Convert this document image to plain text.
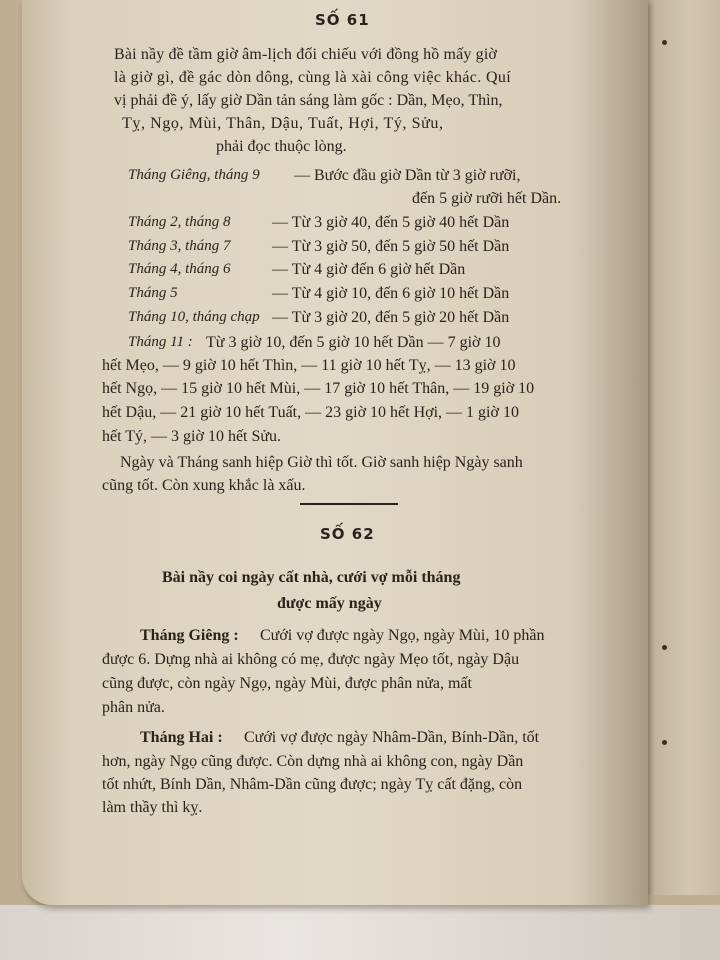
SỐ 61
Bài nầy đề tầm giờ âm-lịch đối chiếu với đồng hồ mấy giờ
là giờ gì, đề gác dòn dông, cùng là xài công việc khác. Quí
vị phải đề ý, lấy giờ Dần tản sáng làm gốc : Dần, Mẹo, Thìn,
Tỵ, Ngọ, Mùi, Thân, Dậu, Tuất, Hợi, Tý, Sửu,
phải đọc thuộc lòng.
Tháng Giêng, tháng 9 — Bước đầu giờ Dần từ 3 giờ rưỡi,
đến 5 giờ rưỡi hết Dần.
Tháng 2, tháng 8	— Từ 3 giờ 40, đến 5 giờ 40 hết Dần
Tháng 3, tháng 7	— Từ 3 giờ 50, đến 5 giờ 50 hết Dần
Tháng 4, tháng 6	— Từ 4 giờ đến 6 giờ hết Dần
Tháng 5	— Từ 4 giờ 10, đến 6 giờ 10 hết Dần
Tháng 10, tháng chạp — Từ 3 giờ 20, đến 5 giờ 20 hết Dần
Tháng 11 : Từ 3 giờ 10, đến 5 giờ 10 hết Dần — 7 giờ 10
hết Mẹo, — 9 giờ 10 hết Thìn, — 11 giờ 10 hết Tỵ, — 13 giờ 10
hết Ngọ, — 15 giờ 10 hết Mùi, — 17 giờ 10 hết Thân, — 19 giờ 10
hết Dậu, — 21 giờ 10 hết Tuất, — 23 giờ 10 hết Hợi, — 1 giờ 10
hết Tý, — 3 giờ 10 hết Sửu.
Ngày và Tháng sanh hiệp Giờ thì tốt. Giờ sanh hiệp Ngày sanh
cũng tốt. Còn xung khắc là xấu.
SỐ 62
Bài nầy coi ngày cất nhà, cưới vợ mỗi tháng
được mấy ngày
Tháng Giêng : Cưới vợ được ngày Ngọ, ngày Mùi, 10 phần
được 6. Dựng nhà ai không có mẹ, được ngày Mẹo tốt, ngày Dậu
cũng được, còn ngày Ngọ, ngày Mùi, được phân nửa, mất
phân nửa.
Tháng Hai : Cưới vợ được ngày Nhâm-Dần, Bính-Dần, tốt
hơn, ngày Ngọ cũng được. Còn dựng nhà ai không con, ngày Dần
tốt nhứt, Bính Dần, Nhâm-Dần cũng được; ngày Tỵ cất đặng, còn
làm thầy thì kỵ.
